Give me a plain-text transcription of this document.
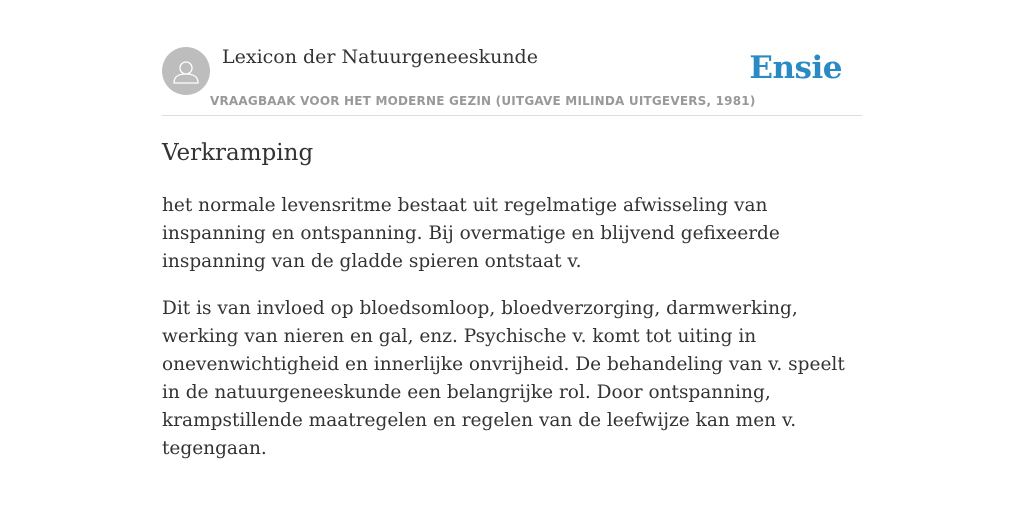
Lexicon der Natuurgeneeskunde
VRAAGBAAK VOOR HET MODERNE GEZIN (UITGAVE MILINDA UITGEVERS, 1981)
Ensie
Verkramping

het normale levensritme bestaat uit regelmatige afwisseling van inspanning en ontspanning. Bij overmatige en blijvend gefixeerde inspanning van de gladde spieren ontstaat v.

Dit is van invloed op bloedsomloop, bloedverzorging, darmwerking, werking van nieren en gal, enz. Psychische v. komt tot uiting in onevenwichtigheid en innerlijke onvrijheid. De behandeling van v. speelt in de natuurgeneeskunde een belangrijke rol. Door ontspanning, krampstillende maatregelen en regelen van de leefwijze kan men v. tegengaan.
